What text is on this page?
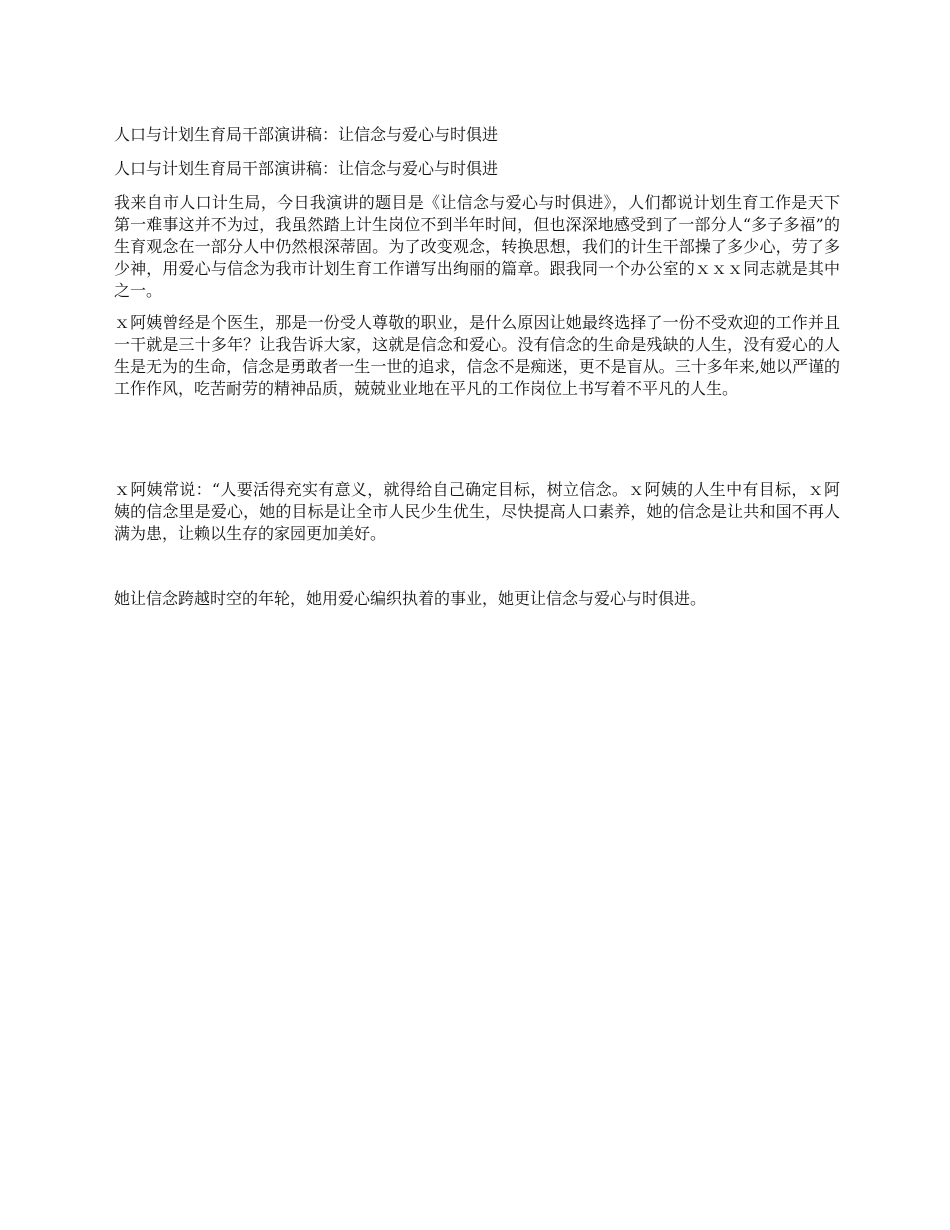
人口与计划生育局干部演讲稿：让信念与爱心与时俱进
人口与计划生育局干部演讲稿：让信念与爱心与时俱进

我来自市人口计生局，今日我演讲的题目是《让信念与爱心与时俱进》，人们都说计划生育工作是天下第一难事这并不为过，我虽然踏上计生岗位不到半年时间，但也深深地感受到了一部分人“多子多福”的生育观念在一部分人中仍然根深蒂固。为了改变观念，转换思想，我们的计生干部操了多少心，劳了多少神，用爱心与信念为我市计划生育工作谱写出绚丽的篇章。跟我同一个办公室的ｘｘｘ同志就是其中之一。

ｘ阿姨曾经是个医生，那是一份受人尊敬的职业，是什么原因让她最终选择了一份不受欢迎的工作并且一干就是三十多年？让我告诉大家，这就是信念和爱心。没有信念的生命是残缺的人生，没有爱心的人生是无为的生命，信念是勇敢者一生一世的追求，信念不是痴迷，更不是盲从。三十多年来,她以严谨的工作作风，吃苦耐劳的精神品质，兢兢业业地在平凡的工作岗位上书写着不平凡的人生。

ｘ阿姨常说：“人要活得充实有意义，就得给自己确定目标，树立信念。ｘ阿姨的人生中有目标，ｘ阿姨的信念里是爱心，她的目标是让全市人民少生优生，尽快提高人口素养，她的信念是让共和国不再人满为患，让赖以生存的家园更加美好。

她让信念跨越时空的年轮，她用爱心编织执着的事业，她更让信念与爱心与时俱进。
